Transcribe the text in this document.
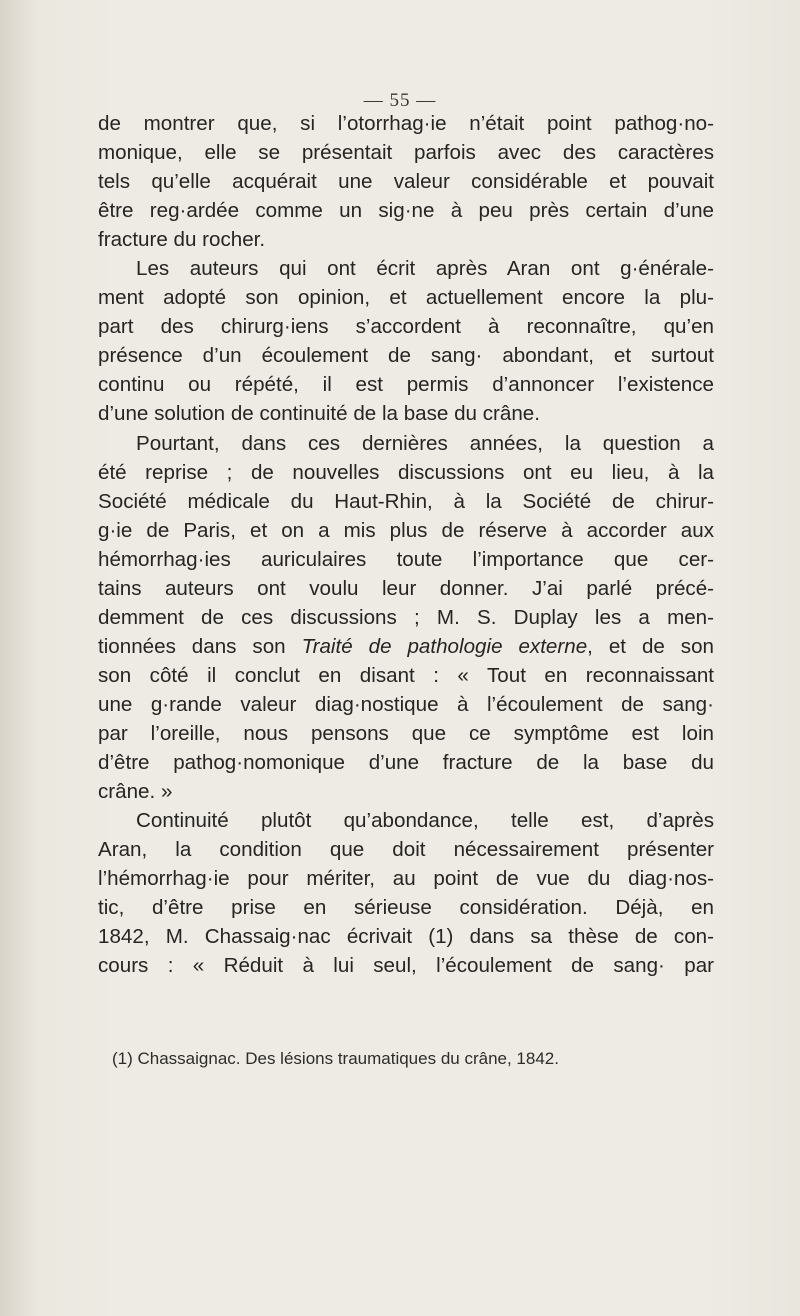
— 55 —
de montrer que, si l’otorrhag·ie n’était point pathog·no-
monique, elle se présentait parfois avec des caractères
tels qu’elle acquérait une valeur considérable et pouvait
être reg·ardée comme un sig·ne à peu près certain d’une
fracture du rocher.
Les auteurs qui ont écrit après Aran ont g·énérale-
ment adopté son opinion, et actuellement encore la plu-
part des chirurg·iens s’accordent à reconnaître, qu’en
présence d’un écoulement de sang· abondant, et surtout
continu ou répété, il est permis d’annoncer l’existence
d’une solution de continuité de la base du crâne.
Pourtant, dans ces dernières années, la question a
été reprise ; de nouvelles discussions ont eu lieu, à la
Société médicale du Haut-Rhin, à la Société de chirur-
g·ie de Paris, et on a mis plus de réserve à accorder aux
hémorrhag·ies auriculaires toute l’importance que cer-
tains auteurs ont voulu leur donner. J’ai parlé précé-
demment de ces discussions ; M. S. Duplay les a men-
tionnées dans son Traité de pathologie externe, et de son
son côté il conclut en disant : « Tout en reconnaissant
une g·rande valeur diag·nostique à l’écoulement de sang·
par l’oreille, nous pensons que ce symptôme est loin
d’être pathog·nomonique d’une fracture de la base du
crâne. »
Continuité plutôt qu’abondance, telle est, d’après
Aran, la condition que doit nécessairement présenter
l’hémorrhag·ie pour mériter, au point de vue du diag·nos-
tic, d’être prise en sérieuse considération. Déjà, en
1842, M. Chassaig·nac écrivait (1) dans sa thèse de con-
cours : « Réduit à lui seul, l’écoulement de sang· par
(1) Chassaignac. Des lésions traumatiques du crâne, 1842.
